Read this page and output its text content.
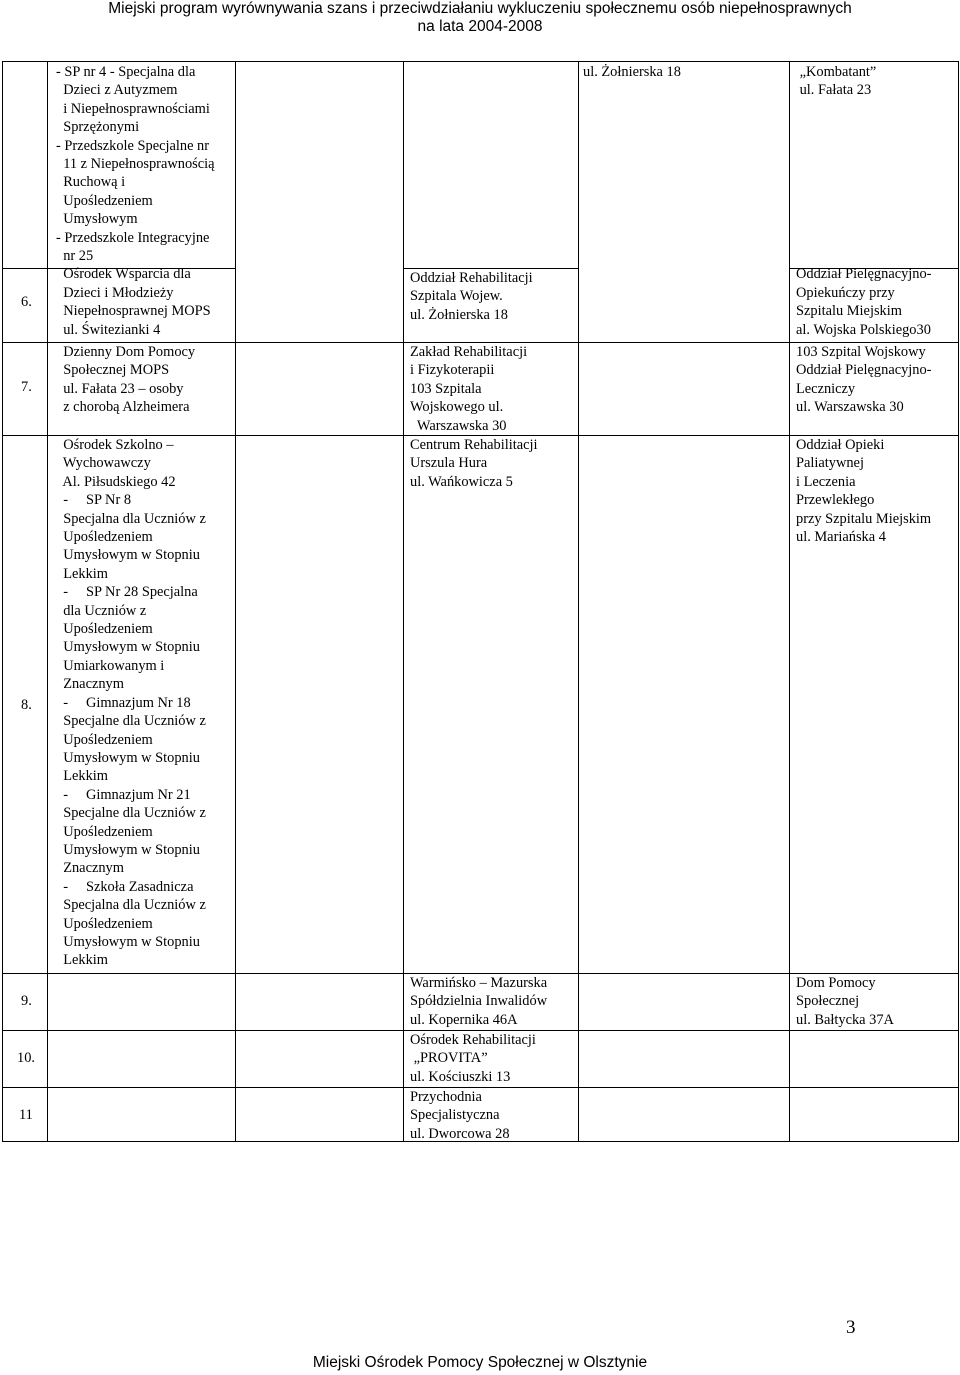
Miejski program wyrównywania szans i przeciwdziałaniu wykluczeniu społecznemu osób niepełnosprawnych
na lata 2004-2008
6.
7.
8.
9.
10.
11
- SP nr 4 - Specjalna dla
Dzieci z Autyzmem
i Niepełnosprawnościami
Sprzężonymi
- Przedszkole Specjalne nr
11 z Niepełnosprawnością
Ruchową i
Upośledzeniem
Umysłowym
- Przedszkole Integracyjne
nr 25
Ośrodek Wsparcia dla
Dzieci i Młodzieży
Niepełnosprawnej MOPS
ul. Świtezianki 4
Dzienny Dom Pomocy
Społecznej MOPS
ul. Fałata 23 – osoby
z chorobą Alzheimera
Ośrodek Szkolno –
Wychowawczy
Al. Piłsudskiego 42
-     SP Nr 8
Specjalna dla Uczniów z
Upośledzeniem
Umysłowym w Stopniu
Lekkim
-     SP Nr 28 Specjalna
dla Uczniów z
Upośledzeniem
Umysłowym w Stopniu
Umiarkowanym i
Znacznym
-     Gimnazjum Nr 18
Specjalne dla Uczniów z
Upośledzeniem
Umysłowym w Stopniu
Lekkim
-     Gimnazjum Nr 21
Specjalne dla Uczniów z
Upośledzeniem
Umysłowym w Stopniu
Znacznym
-     Szkoła Zasadnicza
Specjalna dla Uczniów z
Upośledzeniem
Umysłowym w Stopniu
Lekkim
Oddział Rehabilitacji
Szpitala Wojew.
ul. Żołnierska 18
Zakład Rehabilitacji
i Fizykoterapii
103 Szpitala
Wojskowego ul.
Warszawska 30
Centrum Rehabilitacji
Urszula Hura
ul. Wańkowicza 5
Warmińsko – Mazurska
Spółdzielnia Inwalidów
ul. Kopernika 46A
Ośrodek Rehabilitacji
„PROVITA”
ul. Kościuszki 13
Przychodnia
Specjalistyczna
ul. Dworcowa 28
ul. Żołnierska 18	„Kombatant”
ul. Fałata 23

Oddział Pielęgnacyjno-
Opiekuńczy przy
Szpitalu Miejskim
al. Wojska Polskiego30
103 Szpital Wojskowy
Oddział Pielęgnacyjno-
Leczniczy
ul. Warszawska 30
Oddział Opieki
Paliatywnej
i Leczenia
Przewlekłego
przy Szpitalu Miejskim
ul. Mariańska 4
Dom Pomocy
Społecznej
ul. Bałtycka 37A
3
Miejski Ośrodek Pomocy Społecznej w Olsztynie
